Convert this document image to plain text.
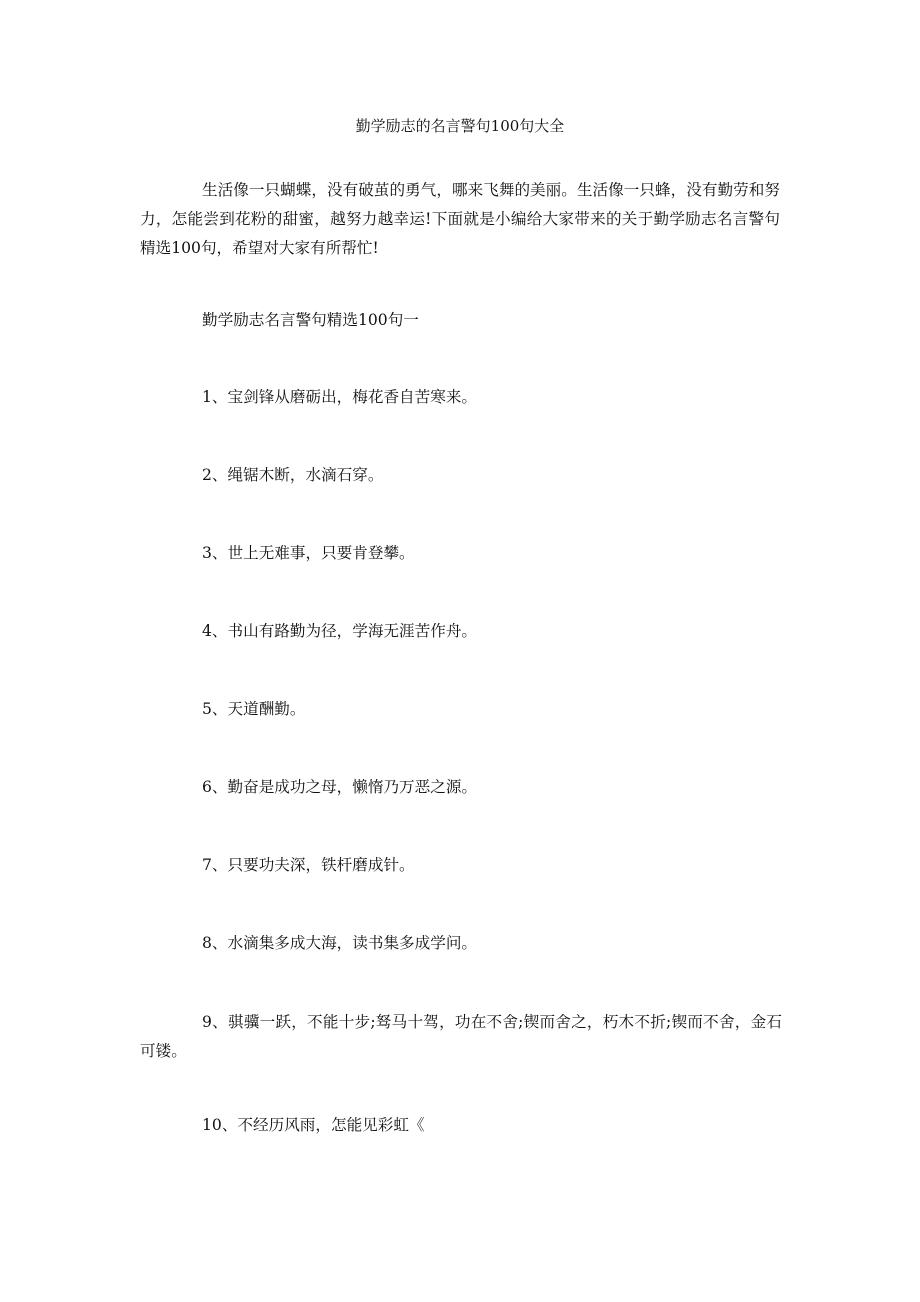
勤学励志的名言警句100句大全

生活像一只蝴蝶，没有破茧的勇气，哪来飞舞的美丽。生活像一只蜂，没有勤劳和努力，怎能尝到花粉的甜蜜，越努力越幸运!下面就是小编给大家带来的关于勤学励志名言警句精选100句，希望对大家有所帮忙!

勤学励志名言警句精选100句一
1、宝剑锋从磨砺出，梅花香自苦寒来。
2、绳锯木断，水滴石穿。
3、世上无难事，只要肯登攀。
4、书山有路勤为径，学海无涯苦作舟。
5、天道酬勤。
6、勤奋是成功之母，懒惰乃万恶之源。
7、只要功夫深，铁杆磨成针。
8、水滴集多成大海，读书集多成学问。

9、骐骥一跃，不能十步;驽马十驾，功在不舍;锲而舍之，朽木不折;锲而不舍，金石可镂。

10、不经历风雨，怎能见彩虹《
